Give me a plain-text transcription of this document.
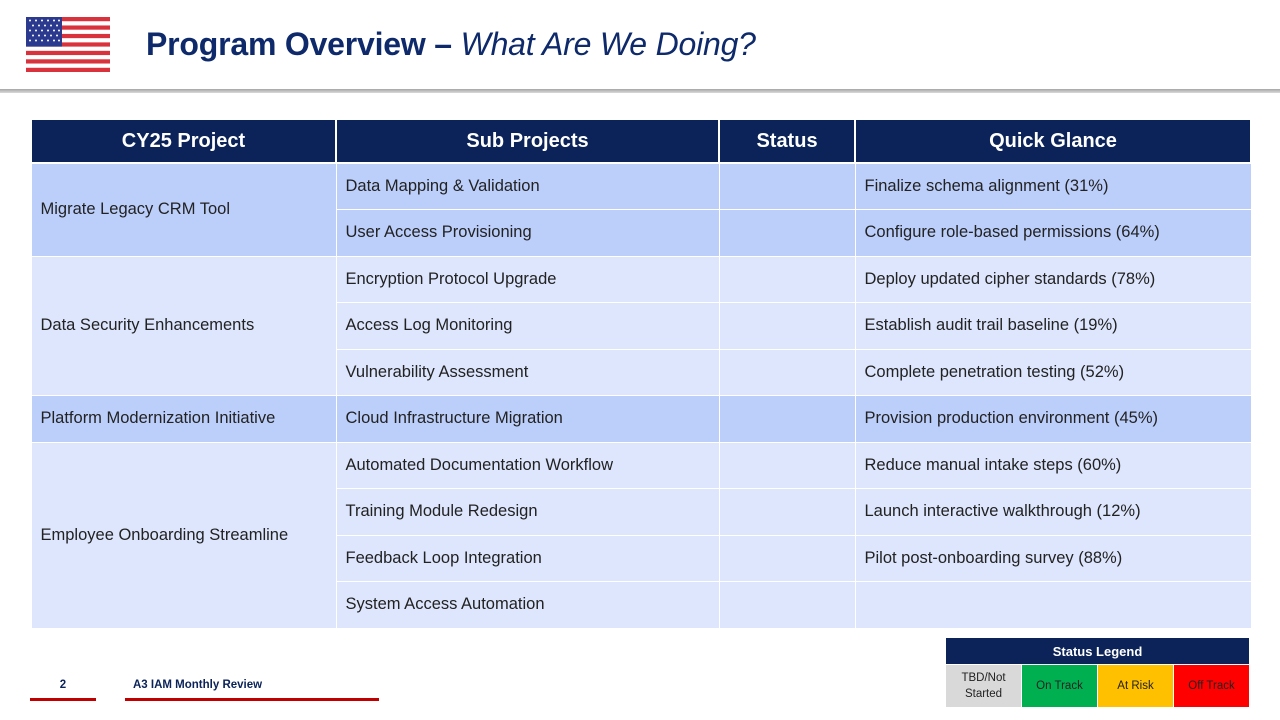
Program Overview – What Are We Doing?
CY25 Project	Sub Projects	Status	Quick Glance
Migrate Legacy CRM Tool	Data Mapping & Validation		Finalize schema alignment (31%)
	User Access Provisioning		Configure role-based permissions (64%)
Data Security Enhancements	Encryption Protocol Upgrade		Deploy updated cipher standards (78%)
	Access Log Monitoring		Establish audit trail baseline (19%)
	Vulnerability Assessment		Complete penetration testing (52%)
Platform Modernization Initiative	Cloud Infrastructure Migration		Provision production environment (45%)
Employee Onboarding Streamline	Automated Documentation Workflow		Reduce manual intake steps (60%)
	Training Module Redesign		Launch interactive walkthrough (12%)
	Feedback Loop Integration		Pilot post-onboarding survey (88%)
	System Access Automation		
Status Legend
TBD/Not Started	On Track	At Risk	Off Track
2	A3 IAM Monthly Review
